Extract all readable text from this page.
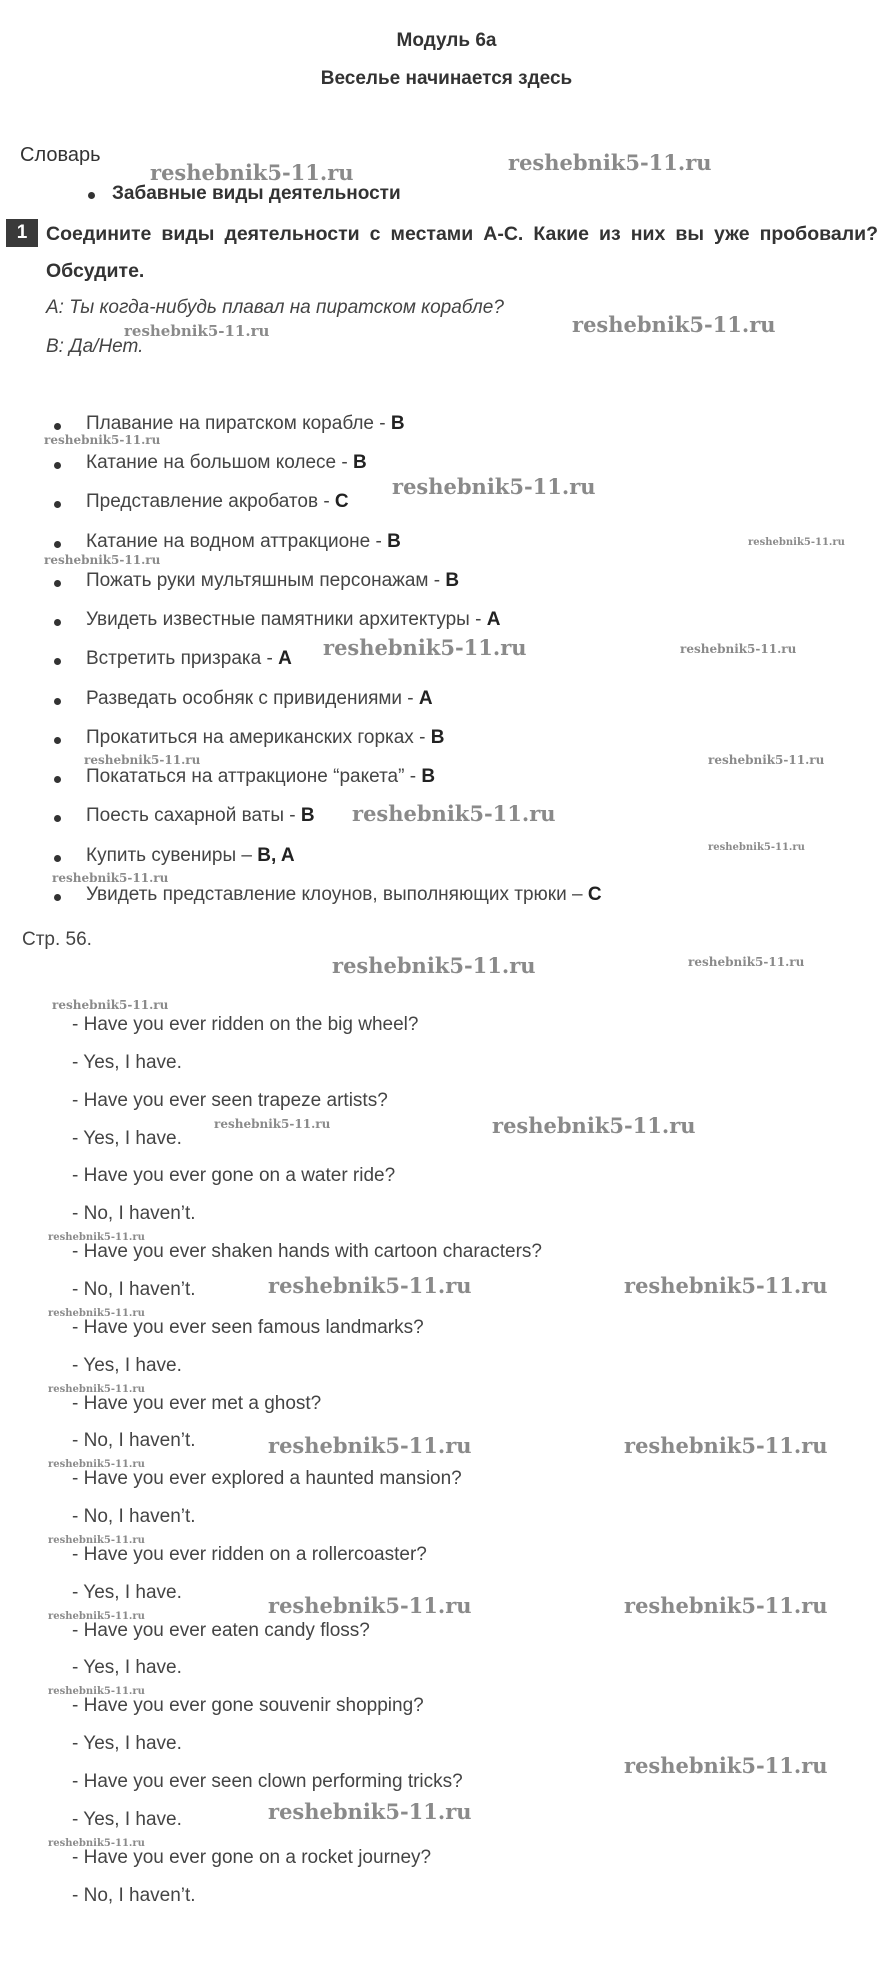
Модуль 6а
Веселье начинается здесь
Словарь
Забавные виды деятельности
1 Соедините виды деятельности с местами A-C. Какие из них вы уже пробовали? Обсудите.
A: Ты когда-нибудь плавал на пиратском корабле?
B: Да/Нет.
Плавание на пиратском корабле - B
Катание на большом колесе - B
Представление акробатов - C
Катание на водном аттракционе - B
Пожать руки мультяшным персонажам - B
Увидеть известные памятники архитектуры - A
Встретить призрака - A
Разведать особняк с привидениями - A
Прокатиться на американских горках - B
Покататься на аттракционе “ракета” - B
Поесть сахарной ваты - B
Купить сувениры – B, A
Увидеть представление клоунов, выполняющих трюки – C
Стр. 56.
- Have you ever ridden on the big wheel?
- Yes, I have.
- Have you ever seen trapeze artists?
- Yes, I have.
- Have you ever gone on a water ride?
- No, I haven’t.
- Have you ever shaken hands with cartoon characters?
- No, I haven’t.
- Have you ever seen famous landmarks?
- Yes, I have.
- Have you ever met a ghost?
- No, I haven’t.
- Have you ever explored a haunted mansion?
- No, I haven’t.
- Have you ever ridden on a rollercoaster?
- Yes, I have.
- Have you ever eaten candy floss?
- Yes, I have.
- Have you ever gone souvenir shopping?
- Yes, I have.
- Have you ever seen clown performing tricks?
- Yes, I have.
- Have you ever gone on a rocket journey?
- No, I haven’t.
reshebnik5-11.ru	reshebnik5-11.ru
reshebnik5-11.ru	reshebnik5-11.ru
reshebnik5-11.ru
reshebnik5-11.ru
reshebnik5-11.ru
reshebnik5-11.ru
reshebnik5-11.ru	reshebnik5-11.ru
reshebnik5-11.ru	reshebnik5-11.ru
reshebnik5-11.ru
reshebnik5-11.ru
reshebnik5-11.ru
reshebnik5-11.ru	reshebnik5-11.ru
reshebnik5-11.ru
reshebnik5-11.ru	reshebnik5-11.ru
reshebnik5-11.ru
reshebnik5-11.ru	reshebnik5-11.ru
reshebnik5-11.ru
reshebnik5-11.ru
reshebnik5-11.ru	reshebnik5-11.ru
reshebnik5-11.ru
reshebnik5-11.ru
reshebnik5-11.ru	reshebnik5-11.ru
reshebnik5-11.ru
reshebnik5-11.ru
reshebnik5-11.ru
reshebnik5-11.ru
reshebnik5-11.ru
